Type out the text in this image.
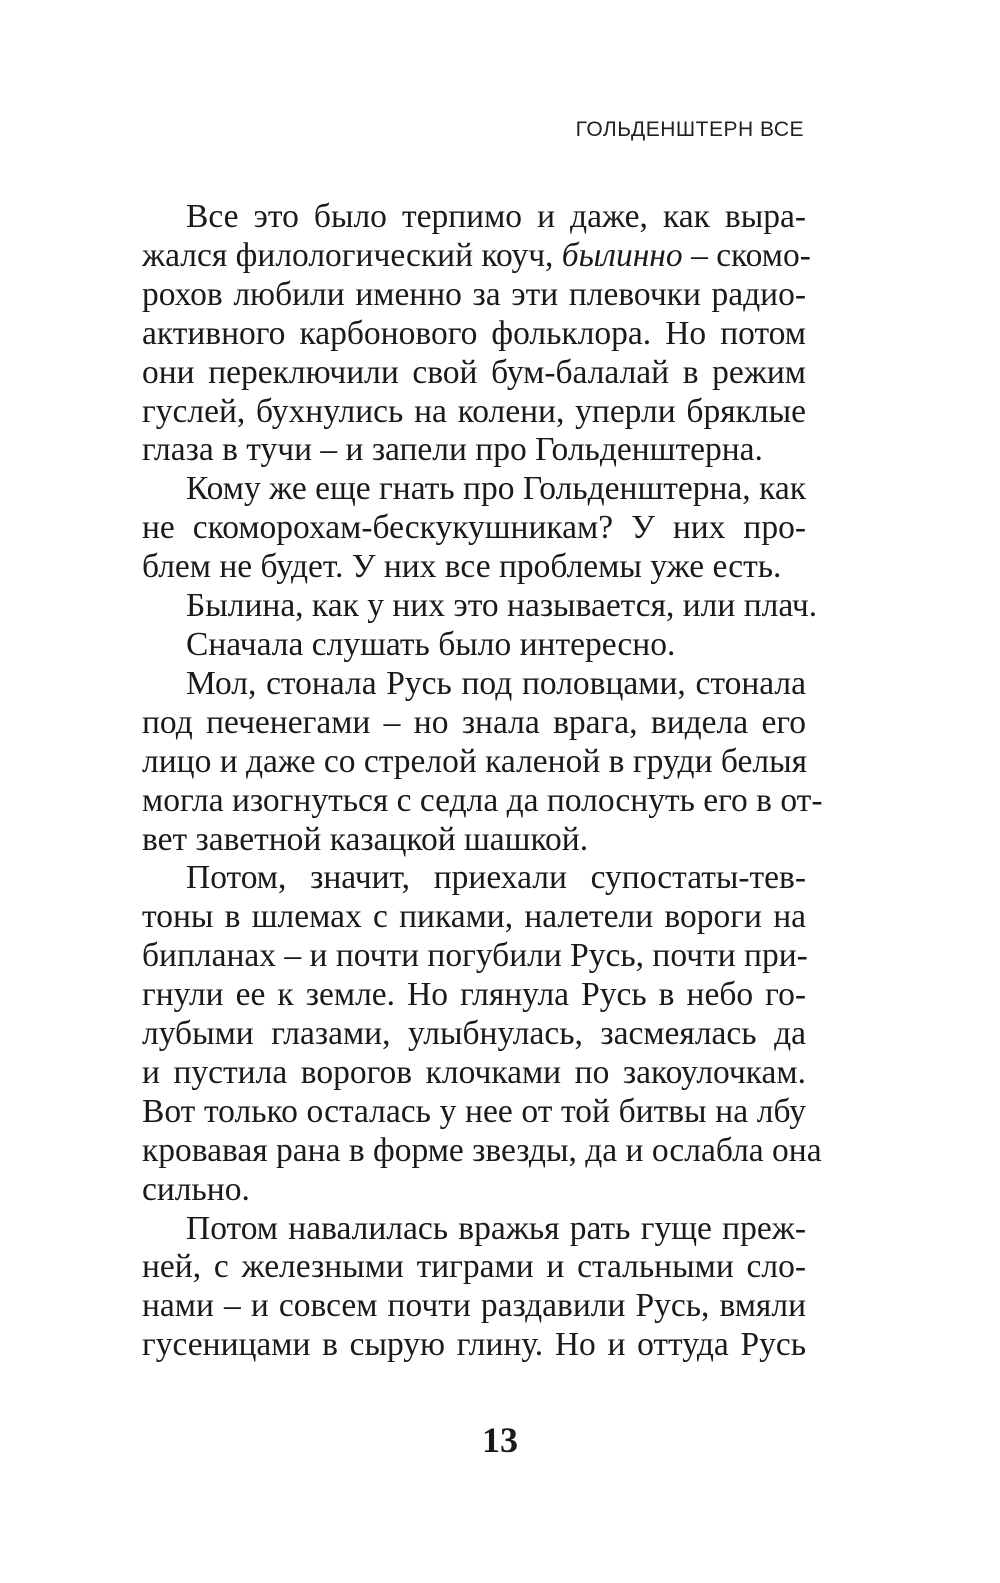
ГОЛЬДЕНШТЕРН ВСЕ

Все это было терпимо и даже, как выра-
жался филологический коуч, былинно – скомо-
рохов любили именно за эти плевочки радио-
активного карбонового фольклора. Но потом
они переключили свой бум-балалай в режим
гуслей, бухнулись на колени, уперли бряклые
глаза в тучи – и запели про Гольденштерна.

Кому же еще гнать про Гольденштерна, как
не скоморохам-бескукушникам? У них про-
блем не будет. У них все проблемы уже есть.

Былина, как у них это называется, или плач.

Сначала слушать было интересно.

Мол, стонала Русь под половцами, стонала
под печенегами – но знала врага, видела его
лицо и даже со стрелой каленой в груди белыя
могла изогнуться с седла да полоснуть его в от-
вет заветной казацкой шашкой.

Потом, значит, приехали супостаты-тев-
тоны в шлемах с пиками, налетели вороги на
бипланах – и почти погубили Русь, почти при-
гнули ее к земле. Но глянула Русь в небо го-
лубыми глазами, улыбнулась, засмеялась да
и пустила ворогов клочками по закоулочкам.
Вот только осталась у нее от той битвы на лбу
кровавая рана в форме звезды, да и ослабла она
сильно.

Потом навалилась вражья рать гуще преж-
ней, с железными тиграми и стальными сло-
нами – и совсем почти раздавили Русь, вмяли
гусеницами в сырую глину. Но и оттуда Русь

13
